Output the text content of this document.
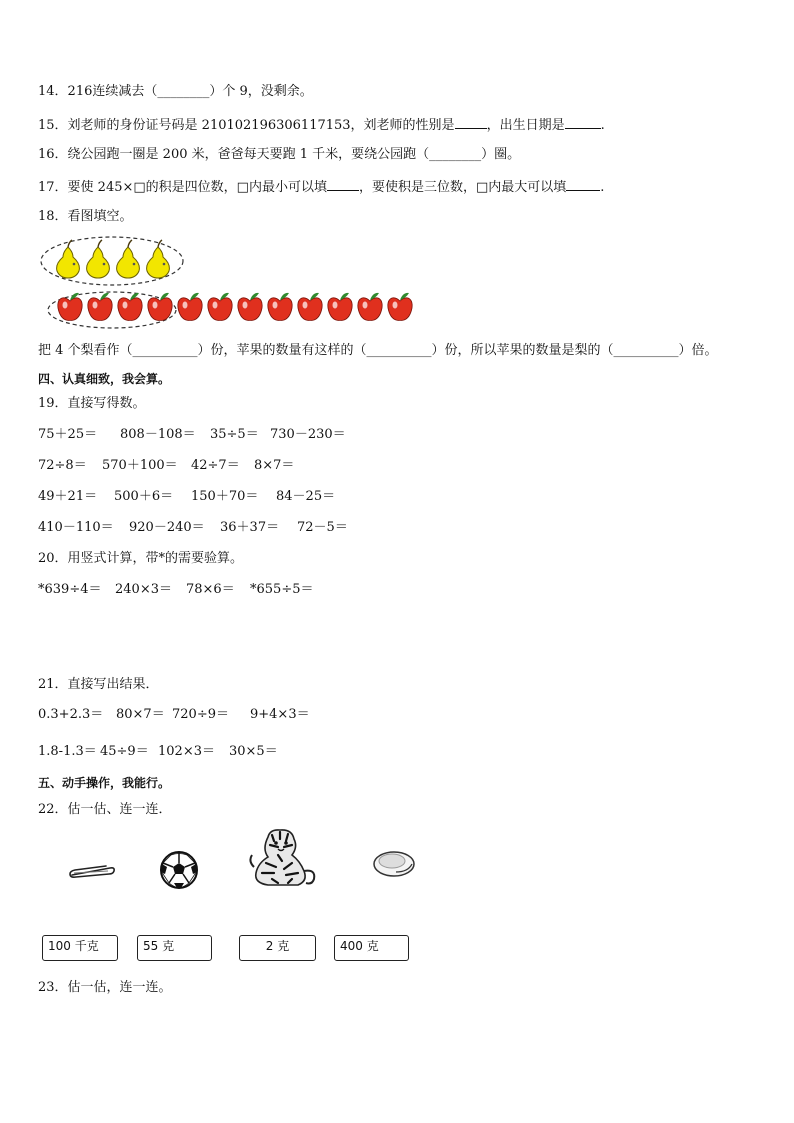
14．216连续减去（________）个 9，没剩余。
15．刘老师的身份证号码是 210102196306117153，刘老师的性别是 ，出生日期是	.
16．绕公园跑一圈是 200 米，爸爸每天要跑 1 千米，要绕公园跑（________）圈。
17．要使 245×□的积是四位数，□内最小可以填 ，要使积是三位数，□内最大可以填	.
18．看图填空。
把 4 个梨看作（__________）份，苹果的数量有这样的（__________）份，所以苹果的数量是梨的（__________）倍。
四、认真细致，我会算。
19．直接写得数。
75＋25＝ 808－108＝ 35÷5＝ 730－230＝
72÷8＝ 570＋100＝ 42÷7＝ 8×7＝
49＋21＝ 500＋6＝ 150＋70＝ 84－25＝
410－110＝ 920－240＝ 36＋37＝ 72－5＝
20．用竖式计算，带*的需要验算。
*639÷4＝ 240×3＝ 78×6＝ *655÷5＝
21．直接写出结果．
0.3+2.3＝ 80×7＝ 720÷9＝ 9+4×3＝
1.8-1.3＝ 45÷9＝ 102×3＝ 30×5＝
五、动手操作，我能行。
22．估一估、连一连．
100 千克	55 克	2 克	400 克
23．估一估，连一连。
